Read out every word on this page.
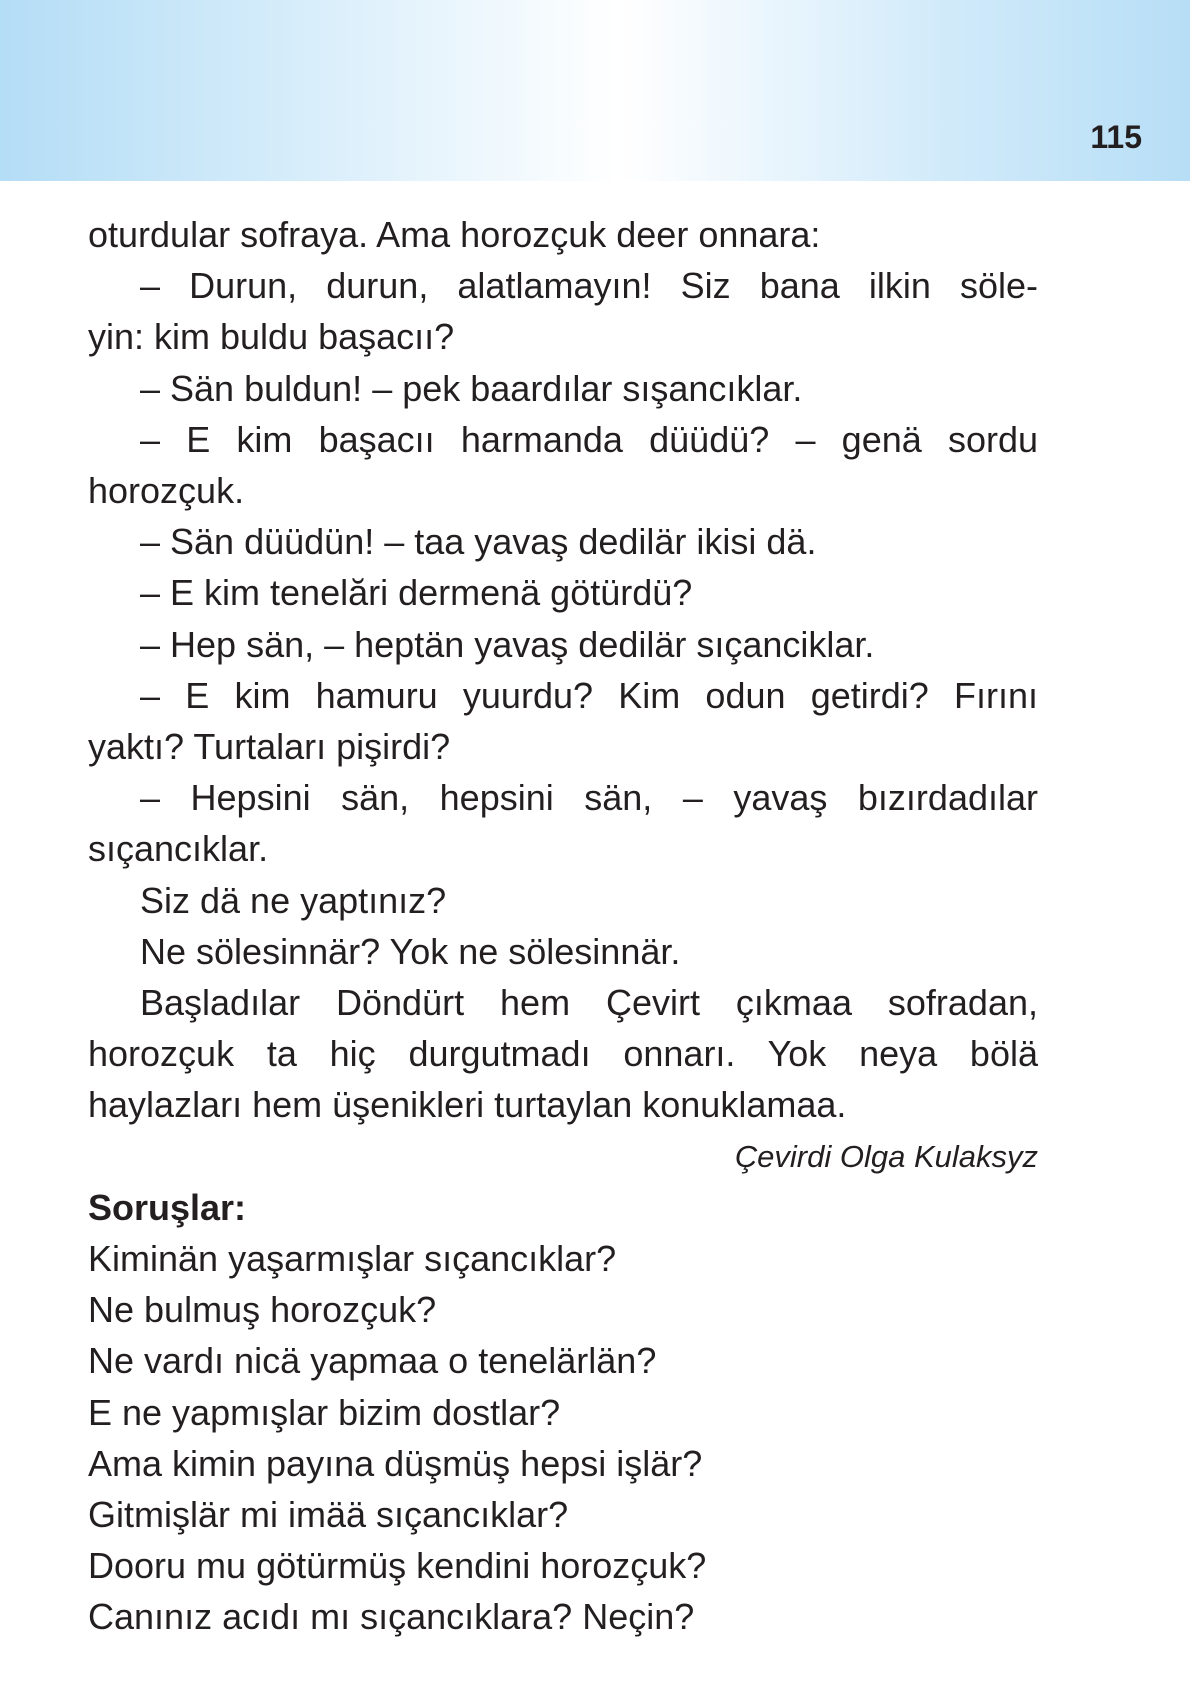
115
oturdular sofraya. Ama horozçuk deer onnara:
– Durun, durun, alatlamayın! Siz bana ilkin söle-
yin: kim buldu başacıı?
– Sän buldun! – pek baardılar sışancıklar.
– E kim başacıı harmanda düüdü? – genä sordu
horozçuk.
– Sän düüdün! – taa yavaş dedilär ikisi dä.
– E kim tenelări dermenä götürdü?
– Hep sän, – heptän yavaş dedilär sıçanciklar.
– E kim hamuru yuurdu? Kim odun getirdi? Fırını
yaktı? Turtaları pişirdi?
– Hepsini sän, hepsini sän, – yavaş bızırdadılar
sıçancıklar.
Siz dä ne yaptınız?
Ne sölesinnär? Yok ne sölesinnär.
Başladılar Döndürt hem Çevirt çıkmaa sofradan,
horozçuk ta hiç durgutmadı onnarı. Yok neya bölä
haylazları hem üşenikleri turtaylan konuklamaa.
Çevirdi Olga Kulaksyz
Soruşlar:
Kiminän yaşarmışlar sıçancıklar?
Ne bulmuş horozçuk?
Ne vardı nicä yapmaa o tenelärlän?
E ne yapmışlar bizim dostlar?
Ama kimin payına düşmüş hepsi işlär?
Gitmişlär mi imää sıçancıklar?
Dooru mu götürmüş kendini horozçuk?
Canınız acıdı mı sıçancıklara? Neçin?
